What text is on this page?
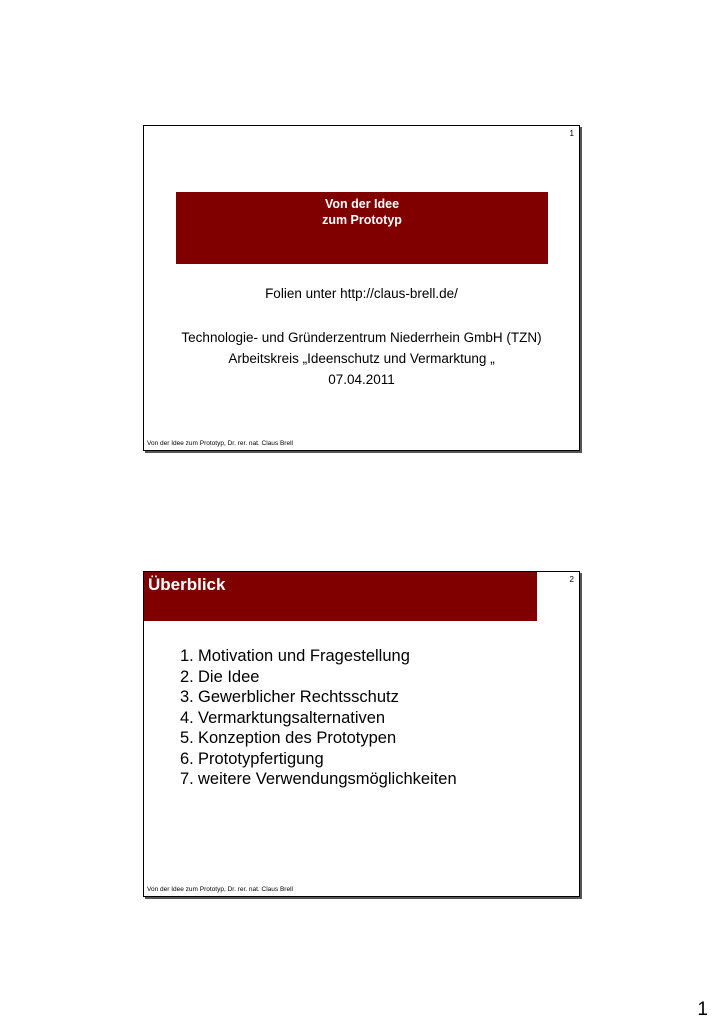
1
Von der Idee
zum Prototyp
Folien unter http://claus-brell.de/
Technologie- und Gründerzentrum Niederrhein GmbH (TZN)
Arbeitskreis „Ideenschutz und Vermarktung „
07.04.2011
Von der Idee zum Prototyp, Dr. rer. nat. Claus Brell
Überblick	2
1. Motivation und Fragestellung
2. Die Idee
3. Gewerblicher Rechtsschutz
4. Vermarktungsalternativen
5. Konzeption des Prototypen
6. Prototypfertigung
7. weitere Verwendungsmöglichkeiten
Von der Idee zum Prototyp, Dr. rer. nat. Claus Brell
1
